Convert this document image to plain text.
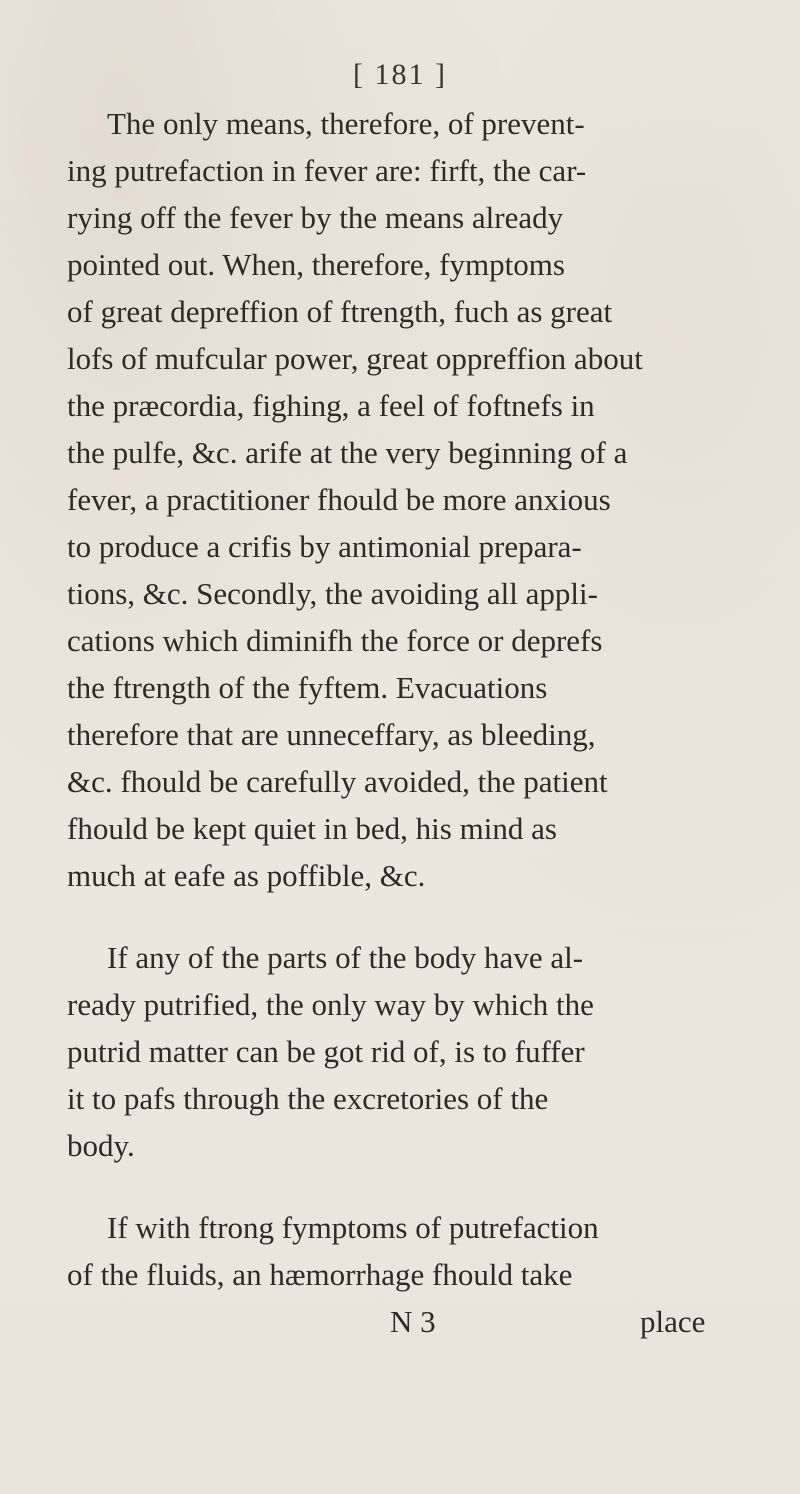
[ 181 ]
The only means, therefore, of prevent-
ing putrefaction in fever are: firft, the car-
rying off the fever by the means already
pointed out. When, therefore, fymptoms
of great depreffion of ftrength, fuch as great
lofs of mufcular power, great oppreffion about
the præcordia, fighing, a feel of foftnefs in
the pulfe, &c. arife at the very beginning of a
fever, a practitioner fhould be more anxious
to produce a crifis by antimonial prepara-
tions, &c. Secondly, the avoiding all appli-
cations which diminifh the force or deprefs
the ftrength of the fyftem. Evacuations
therefore that are unneceffary, as bleeding,
&c. fhould be carefully avoided, the patient
fhould be kept quiet in bed, his mind as
much at eafe as poffible, &c.
If any of the parts of the body have al-
ready putrified, the only way by which the
putrid matter can be got rid of, is to fuffer
it to pafs through the excretories of the
body.
If with ftrong fymptoms of putrefaction
of the fluids, an hæmorrhage fhould take
N 3	place
